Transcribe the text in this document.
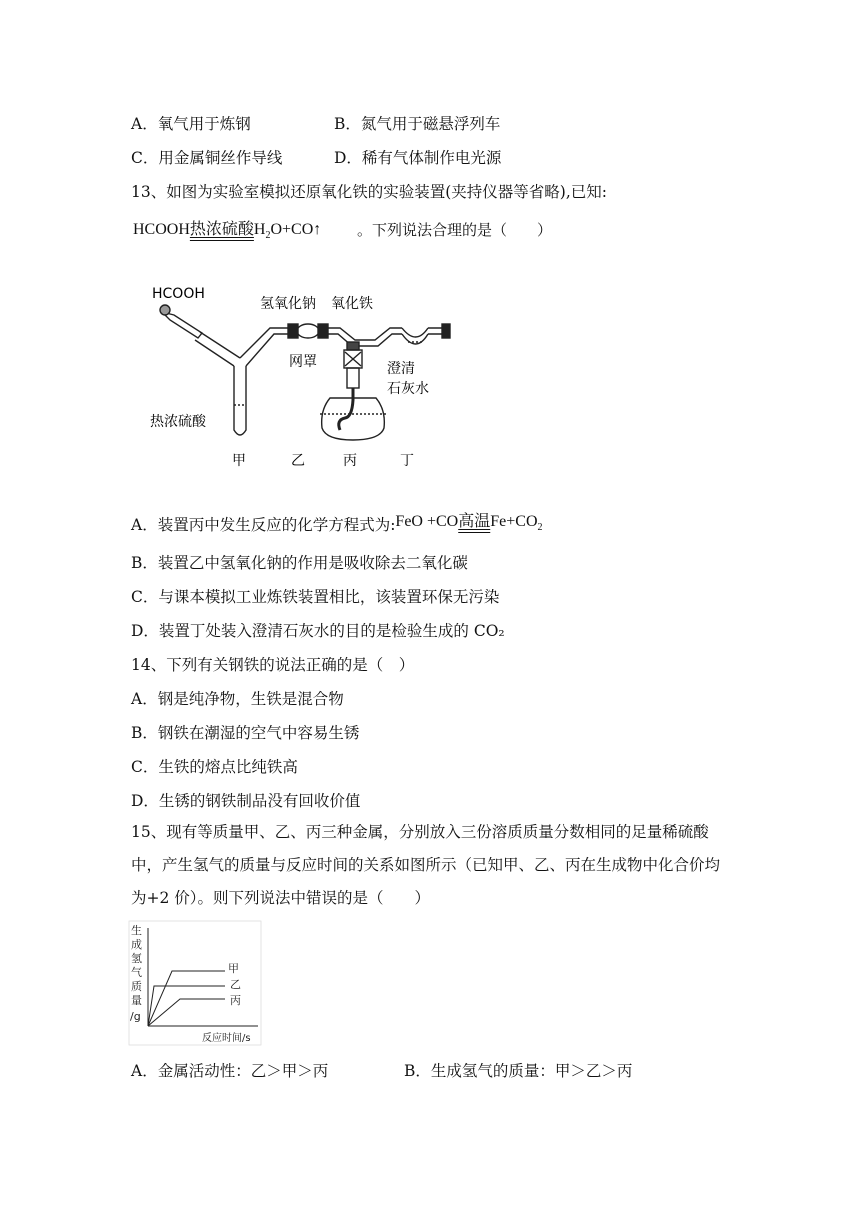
A．氧气用于炼钢	B．氮气用于磁悬浮列车
C．用金属铜丝作导线	D．稀有气体制作电光源
13、如图为实验室模拟还原氧化铁的实验装置(夹持仪器等省略),已知:
HCOOH热浓硫酸$H_2O+CO↑$ 。下列说法合理的是（　　）
HCOOH
氢氧化钠 氧化铁
网罩	澄清
石灰水
热浓硫酸
甲	乙	丙	丁
A．装置丙中发生反应的化学方程式为:FeO +CO高温$Fe+CO_2$
B．装置乙中氢氧化钠的作用是吸收除去二氧化碳
C．与课本模拟工业炼铁装置相比，该装置环保无污染
D．装置丁处装入澄清石灰水的目的是检验生成的 CO₂
14、下列有关钢铁的说法正确的是（　）
A．钢是纯净物，生铁是混合物
B．钢铁在潮湿的空气中容易生锈
C．生铁的熔点比纯铁高
D．生锈的钢铁制品没有回收价值
15、现有等质量甲、乙、丙三种金属，分别放入三份溶质质量分数相同的足量稀硫酸中，产生氢气的质量与反应时间的关系如图所示（已知甲、乙、丙在生成物中化合价均为+2 价）。则下列说法中错误的是（　　）
生
成
氢
气
质
量
/g
反应时间/s
甲
乙
丙
A．金属活动性：乙＞甲＞丙	B．生成氢气的质量：甲＞乙＞丙
